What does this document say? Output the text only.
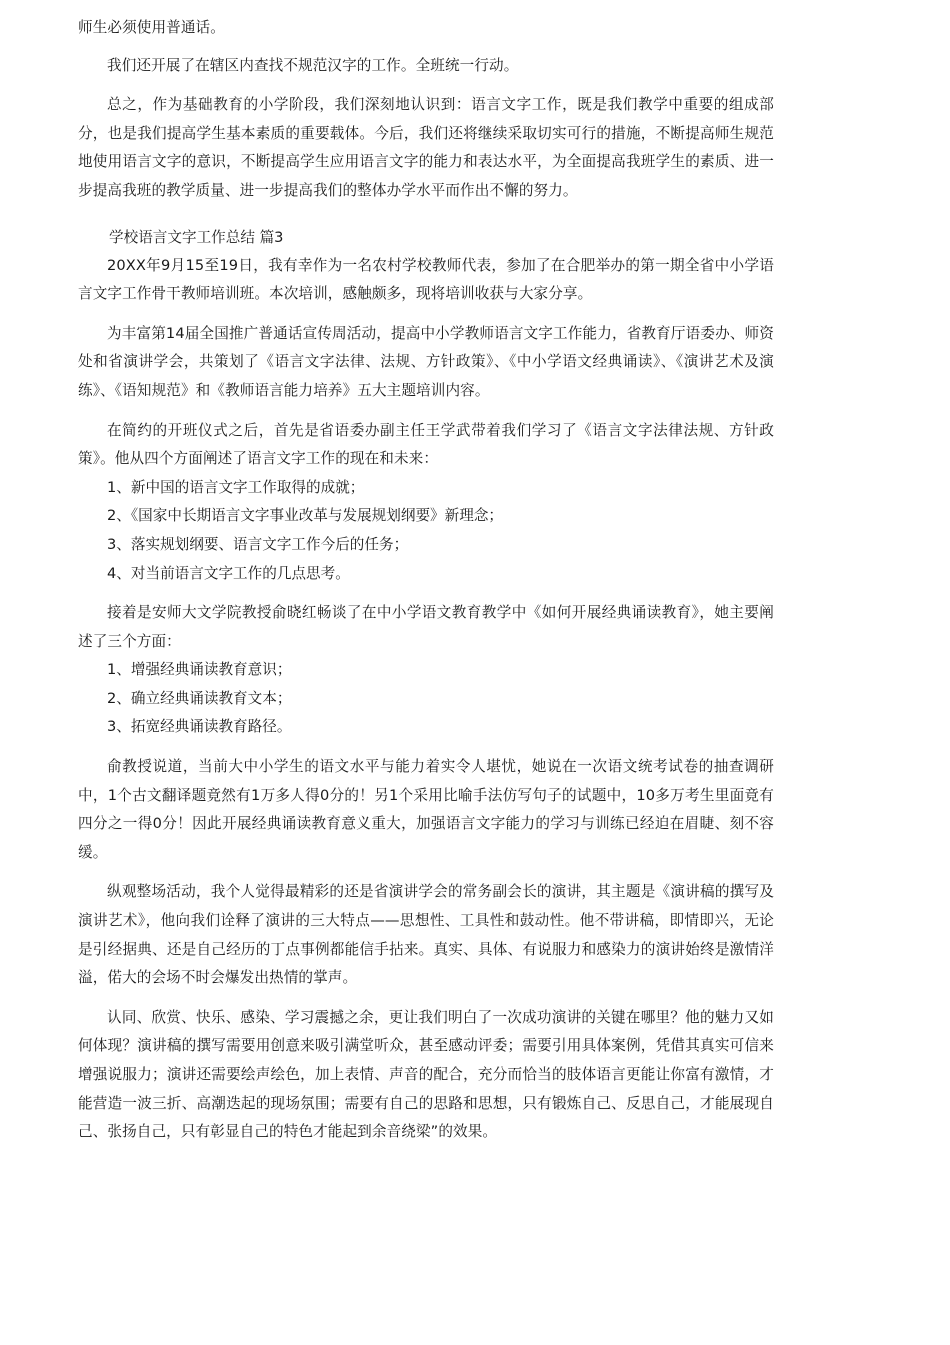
师生必须使用普通话。

我们还开展了在辖区内查找不规范汉字的工作。全班统一行动。

总之，作为基础教育的小学阶段，我们深刻地认识到：语言文字工作，既是我们教学中重要的组成部分，也是我们提高学生基本素质的重要载体。今后，我们还将继续采取切实可行的措施，不断提高师生规范地使用语言文字的意识，不断提高学生应用语言文字的能力和表达水平，为全面提高我班学生的素质、进一步提高我班的教学质量、进一步提高我们的整体办学水平而作出不懈的努力。

学校语言文字工作总结 篇3

20XX年9月15至19日，我有幸作为一名农村学校教师代表，参加了在合肥举办的第一期全省中小学语言文字工作骨干教师培训班。本次培训，感触颇多，现将培训收获与大家分享。

为丰富第14届全国推广普通话宣传周活动，提高中小学教师语言文字工作能力，省教育厅语委办、师资处和省演讲学会，共策划了《语言文字法律、法规、方针政策》、《中小学语文经典诵读》、《演讲艺术及演练》、《语知规范》和《教师语言能力培养》五大主题培训内容。

在简约的开班仪式之后，首先是省语委办副主任王学武带着我们学习了《语言文字法律法规、方针政策》。他从四个方面阐述了语言文字工作的现在和未来：

1、新中国的语言文字工作取得的成就；

2、《国家中长期语言文字事业改革与发展规划纲要》新理念；

3、落实规划纲要、语言文字工作今后的任务；

4、对当前语言文字工作的几点思考。

接着是安师大文学院教授俞晓红畅谈了在中小学语文教育教学中《如何开展经典诵读教育》，她主要阐述了三个方面：

1、增强经典诵读教育意识；

2、确立经典诵读教育文本；

3、拓宽经典诵读教育路径。

俞教授说道，当前大中小学生的语文水平与能力着实令人堪忧，她说在一次语文统考试卷的抽查调研中，1个古文翻译题竟然有1万多人得0分的！另1个采用比喻手法仿写句子的试题中，10多万考生里面竟有四分之一得0分！因此开展经典诵读教育意义重大，加强语言文字能力的学习与训练已经迫在眉睫、刻不容缓。

纵观整场活动，我个人觉得最精彩的还是省演讲学会的常务副会长的演讲，其主题是《演讲稿的撰写及演讲艺术》，他向我们诠释了演讲的三大特点——思想性、工具性和鼓动性。他不带讲稿，即情即兴，无论是引经据典、还是自己经历的丁点事例都能信手拈来。真实、具体、有说服力和感染力的演讲始终是激情洋溢，偌大的会场不时会爆发出热情的掌声。

认同、欣赏、快乐、感染、学习震撼之余，更让我们明白了一次成功演讲的关键在哪里？他的魅力又如何体现？演讲稿的撰写需要用创意来吸引满堂听众，甚至感动评委；需要引用具体案例，凭借其真实可信来增强说服力；演讲还需要绘声绘色，加上表情、声音的配合，充分而恰当的肢体语言更能让你富有激情，才能营造一波三折、高潮迭起的现场氛围；需要有自己的思路和思想，只有锻炼自己、反思自己，才能展现自己、张扬自己，只有彰显自己的特色才能起到余音绕梁”的效果。
